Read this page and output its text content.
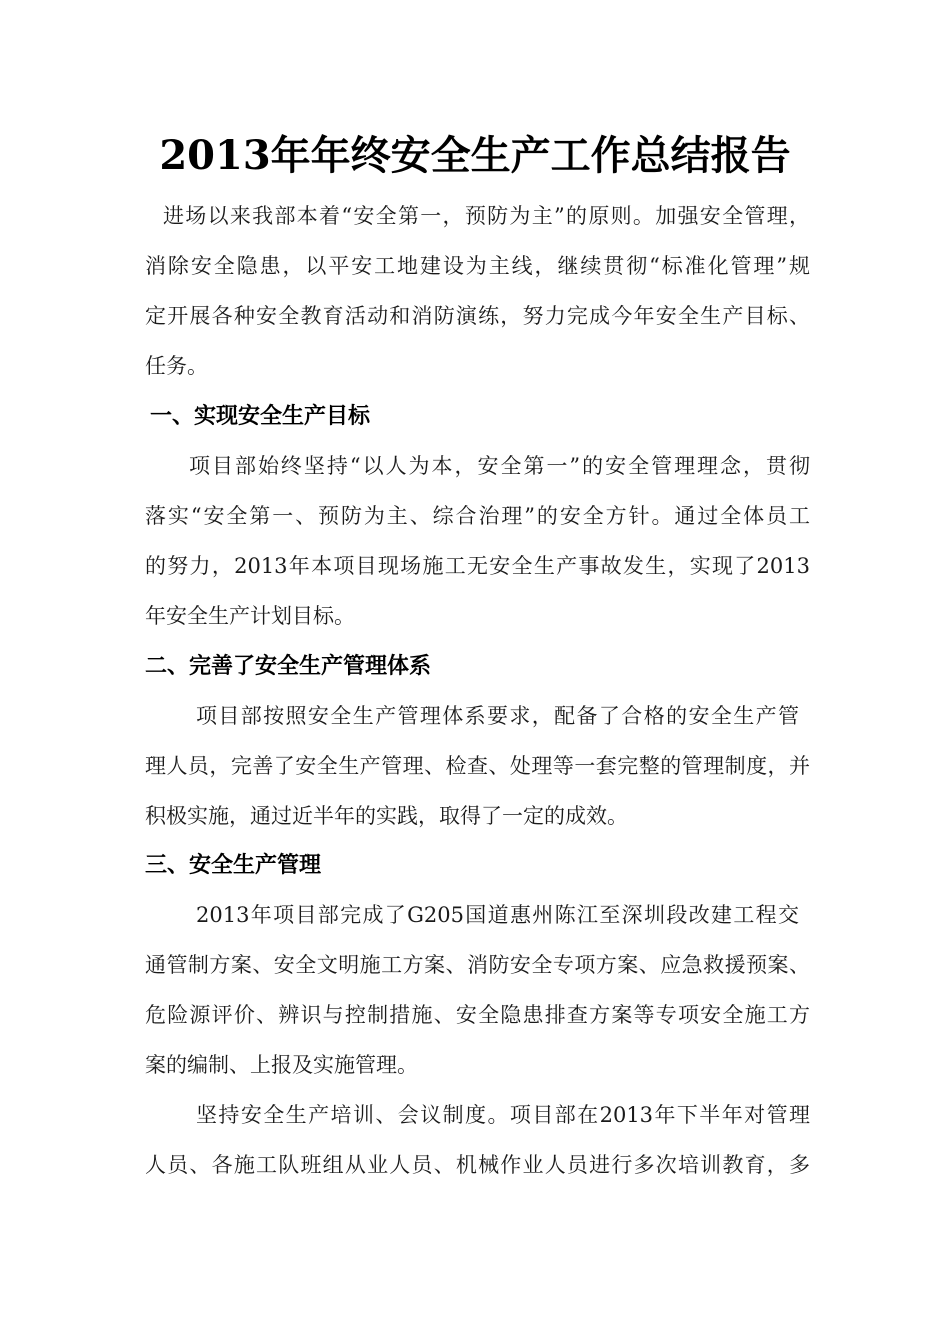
2013年年终安全生产工作总结报告
进场以来我部本着“安全第一，预防为主”的原则。加强安全管理，
消除安全隐患，以平安工地建设为主线，继续贯彻“标准化管理”规
定开展各种安全教育活动和消防演练，努力完成今年安全生产目标、
任务。
一、实现安全生产目标
项目部始终坚持“以人为本，安全第一”的安全管理理念，贯彻
落实“安全第一、预防为主、综合治理”的安全方针。通过全体员工
的努力，2013年本项目现场施工无安全生产事故发生，实现了2013
年安全生产计划目标。
二、完善了安全生产管理体系
项目部按照安全生产管理体系要求，配备了合格的安全生产管
理人员，完善了安全生产管理、检查、处理等一套完整的管理制度，并
积极实施，通过近半年的实践，取得了一定的成效。
三、安全生产管理
2013年项目部完成了G205国道惠州陈江至深圳段改建工程交
通管制方案、安全文明施工方案、消防安全专项方案、应急救援预案、
危险源评价、辨识与控制措施、安全隐患排查方案等专项安全施工方
案的编制、上报及实施管理。
坚持安全生产培训、会议制度。项目部在2013年下半年对管理
人员、各施工队班组从业人员、机械作业人员进行多次培训教育，多
